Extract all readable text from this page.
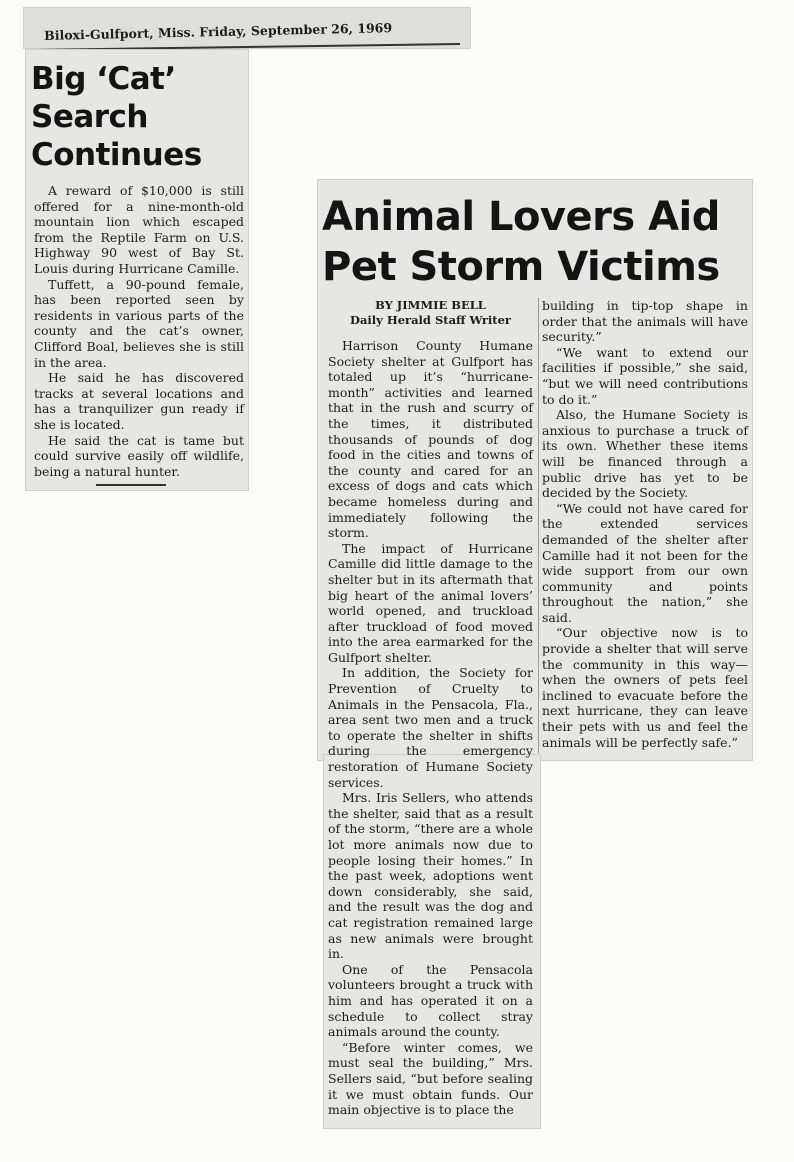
Biloxi-Gulfport, Miss. Friday, September 26, 1969
Big ‘Cat’
Search
Continues

A reward of $10,000 is still offered for a nine-month-old mountain lion which escaped from the Reptile Farm on U.S. Highway 90 west of Bay St. Louis during Hurricane Camille.

Tuffett, a 90-pound female, has been reported seen by residents in various parts of the county and the cat’s owner, Clifford Boal, believes she is still in the area.

He said he has discovered tracks at several locations and has a tranquilizer gun ready if she is located.

He said the cat is tame but could survive easily off wildlife, being a natural hunter.

Animal Lovers Aid
Pet Storm Victims
BY JIMMIE BELL
Daily Herald Staff Writer

Harrison County Humane Society shelter at Gulfport has totaled up it’s “hurricane-month” activities and learned that in the rush and scurry of the times, it distributed thousands of pounds of dog food in the cities and towns of the county and cared for an excess of dogs and cats which became homeless during and immediately following the storm.

The impact of Hurricane Camille did little damage to the shelter but in its aftermath that big heart of the animal lovers’ world opened, and truckload after truckload of food moved into the area earmarked for the Gulfport shelter.

In addition, the Society for Prevention of Cruelty to Animals in the Pensacola, Fla., area sent two men and a truck to operate the shelter in shifts during the emergency restoration of Humane Society services.

Mrs. Iris Sellers, who attends the shelter, said that as a result of the storm, “there are a whole lot more animals now due to people losing their homes.” In the past week, adoptions went down considerably, she said, and the result was the dog and cat registration remained large as new animals were brought in.

One of the Pensacola volunteers brought a truck with him and has operated it on a schedule to collect stray animals around the county.

“Before winter comes, we must seal the building,” Mrs. Sellers said, “but before sealing it we must obtain funds. Our main objective is to place the

building in tip-top shape in order that the animals will have security.”

“We want to extend our facilities if possible,” she said, “but we will need contributions to do it.”

Also, the Humane Society is anxious to purchase a truck of its own. Whether these items will be financed through a public drive has yet to be decided by the Society.

“We could not have cared for the extended services demanded of the shelter after Camille had it not been for the wide support from our own community and points throughout the nation,” she said.

“Our objective now is to provide a shelter that will serve the community in this way—when the owners of pets feel inclined to evacuate before the next hurricane, they can leave their pets with us and feel the animals will be perfectly safe.”
